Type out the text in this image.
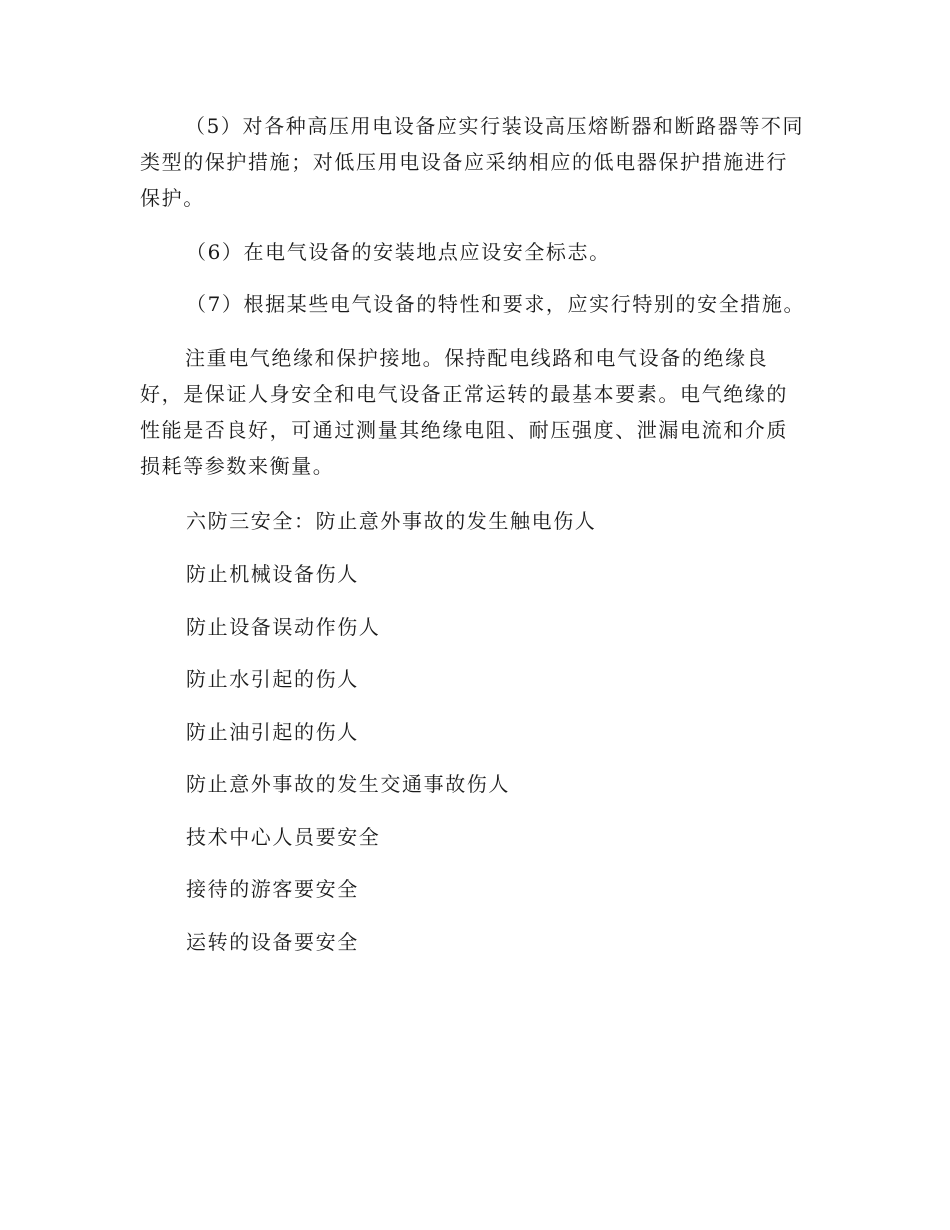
（5）对各种高压用电设备应实行装设高压熔断器和断路器等不同
类型的保护措施；对低压用电设备应采纳相应的低电器保护措施进行
保护。
（6）在电气设备的安装地点应设安全标志。
（7）根据某些电气设备的特性和要求，应实行特别的安全措施。
注重电气绝缘和保护接地。保持配电线路和电气设备的绝缘良
好，是保证人身安全和电气设备正常运转的最基本要素。电气绝缘的
性能是否良好，可通过测量其绝缘电阻、耐压强度、泄漏电流和介质
损耗等参数来衡量。
六防三安全：防止意外事故的发生触电伤人
防止机械设备伤人
防止设备误动作伤人
防止水引起的伤人
防止油引起的伤人
防止意外事故的发生交通事故伤人
技术中心人员要安全
接待的游客要安全
运转的设备要安全
